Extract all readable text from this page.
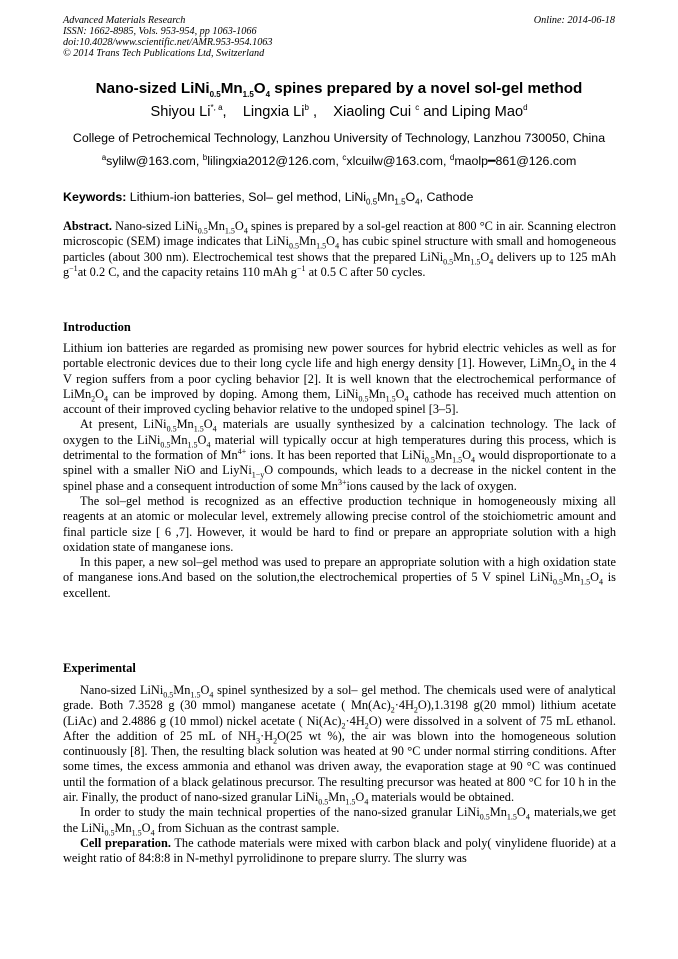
Advanced Materials Research
ISSN: 1662-8985, Vols. 953-954, pp 1063-1066
doi:10.4028/www.scientific.net/AMR.953-954.1063
© 2014 Trans Tech Publications Ltd, Switzerland
Online: 2014-06-18
Nano-sized $LiNi_{0.5}Mn_{1.5}O_4$ spines prepared by a novel sol-gel method
Shiyou $Li^{*, a}$,    Lingxia Li$^b$ ,    Xiaoling Cui $^c$ and Liping Mao$^d$
College of Petrochemical Technology, Lanzhou University of Technology, Lanzhou 730050, China
$^a$sylilw@163.com, $^b$lilingxia2012@126.com, $^c$xlcuilw@163.com, $^d$maolp━861@126.com
Keywords: Lithium-ion batteries, Sol– gel method, $LiNi_{0.5}Mn_{1.5}O_4$, Cathode

Abstract. Nano-sized $LiNi_{0.5}Mn_{1.5}O_4$ spines is prepared by a sol-gel reaction at 800 °C in air. Scanning electron microscopic (SEM) image indicates that $LiNi_{0.5}Mn_{1.5}O_4$ has cubic spinel structure with small and homogeneous particles (about 300 nm). Electrochemical test shows that the prepared $LiNi_{0.5}Mn_{1.5}O_4$ delivers up to 125 mAh $g^{-1}at$ 0.2 C, and the capacity retains 110 mAh $g^{-1}$ at 0.5 C after 50 cycles.

Introduction

Lithium ion batteries are regarded as promising new power sources for hybrid electric vehicles as well as for portable electronic devices due to their long cycle life and high energy density [1]. However, $LiMn_2O_4$ in the 4 V region suffers from a poor cycling behavior [2]. It is well known that the electrochemical performance of $LiMn_2O_4$ can be improved by doping. Among them, $LiNi_{0.5}Mn_{1.5}O_4$ cathode has received much attention on account of their improved cycling behavior relative to the undoped spinel [3–5].

At present, $LiNi_{0.5}Mn_{1.5}O_4$ materials are usually synthesized by a calcination technology. The lack of oxygen to the $LiNi_{0.5}Mn_{1.5}O_4$ material will typically occur at high temperatures during this process, which is detrimental to the formation of $Mn^{4+}$ ions. It has been reported that $LiNi_{0.5}Mn_{1.5}O_4$ would disproportionate to a spinel with a smaller NiO and LiyNi$_{1-y}$O compounds, which leads to a decrease in the nickel content in the spinel phase and a consequent introduction of some $Mn^{3+}ions$ caused by the lack of oxygen.

The sol–gel method is recognized as an effective production technique in homogeneously mixing all reagents at an atomic or molecular level, extremely allowing precise control of the stoichiometric amount and final particle size [ 6 ,7]. However, it would be hard to find or prepare an appropriate solution with a high oxidation state of manganese ions.

In this paper, a new sol–gel method was used to prepare an appropriate solution with a high oxidation state of manganese ions.And based on the solution,the electrochemical properties of 5 V spinel $LiNi_{0.5}Mn_{1.5}O_4$ is excellent.

Experimental

Nano-sized $LiNi_{0.5}Mn_{1.5}O_4$ spinel synthesized by a sol– gel method. The chemicals used were of analytical grade. Both 7.3528 g (30 mmol) manganese acetate ( $Mn(Ac)_2\cdot 4H_2O),1.3198$ g(20 mmol) lithium acetate (LiAc) and 2.4886 g (10 mmol) nickel acetate ( $Ni(Ac)_2\cdot 4H_2O$) were dissolved in a solvent of 75 mL ethanol. After the addition of 25 mL of $NH_3\cdot H_2O(25$ wt %), the air was blown into the homogeneous solution continuously [8]. Then, the resulting black solution was heated at 90 °C under normal stirring conditions. After some times, the excess ammonia and ethanol was driven away, the evaporation stage at 90 °C was continued until the formation of a black gelatinous precursor. The resulting precursor was heated at 800 °C for 10 h in the air. Finally, the product of nano-sized granular $LiNi_{0.5}Mn_{1.5}O_4$ materials would be obtained.

In order to study the main technical properties of the nano-sized granular $LiNi_{0.5}Mn_{1.5}O_4$ materials,we get the $LiNi_{0.5}Mn_{1.5}O_4$ from Sichuan as the contrast sample.

Cell preparation. The cathode materials were mixed with carbon black and poly( vinylidene fluoride) at a weight ratio of 84:8:8 in N-methyl pyrrolidinone to prepare slurry. The slurry was
